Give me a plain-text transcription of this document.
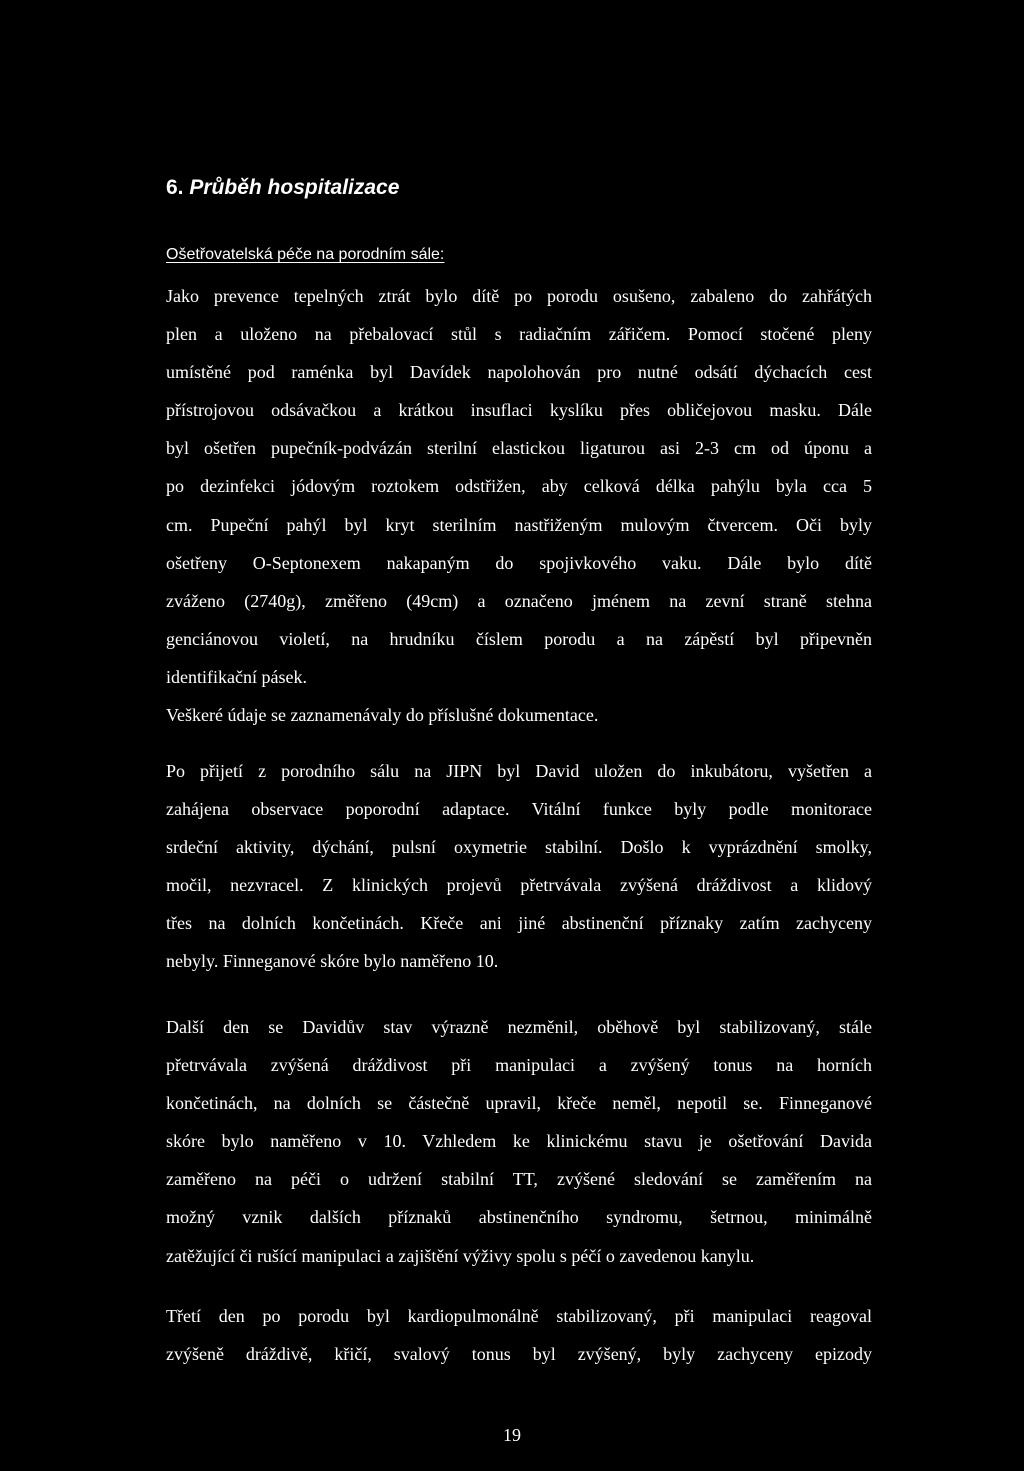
6. Průběh hospitalizace

Ošetřovatelská péče na porodním sále:

Jako prevence tepelných ztrát bylo dítě po porodu osušeno, zabaleno do zahřátých
plen a uloženo na přebalovací stůl s radiačním zářičem. Pomocí stočené pleny
umístěné pod raménka byl Davídek napolohován pro nutné odsátí dýchacích cest
přístrojovou odsávačkou a krátkou insuflaci kyslíku přes obličejovou masku. Dále
byl ošetřen pupečník-podvázán sterilní elastickou ligaturou asi 2-3 cm od úponu a
po dezinfekci jódovým roztokem odstřižen, aby celková délka pahýlu byla cca 5
cm. Pupeční pahýl byl kryt sterilním nastřiženým mulovým čtvercem. Oči byly
ošetřeny O-Septonexem nakapaným do spojivkového vaku. Dále bylo dítě
zváženo (2740g), změřeno (49cm) a označeno jménem na zevní straně stehna
genciánovou violetí, na hrudníku číslem porodu a na zápěstí byl připevněn
identifikační pásek.
Veškeré údaje se zaznamenávaly do příslušné dokumentace.

Po přijetí z porodního sálu na JIPN byl David uložen do inkubátoru, vyšetřen a
zahájena observace poporodní adaptace. Vitální funkce byly podle monitorace
srdeční aktivity, dýchání, pulsní oxymetrie stabilní. Došlo k vyprázdnění smolky,
močil, nezvracel. Z klinických projevů přetrvávala zvýšená dráždivost a klidový
třes na dolních končetinách. Křeče ani jiné abstinenční příznaky zatím zachyceny
nebyly. Finneganové skóre bylo naměřeno 10.

Další den se Davidův stav výrazně nezměnil, oběhově byl stabilizovaný, stále
přetrvávala zvýšená dráždivost při manipulaci a zvýšený tonus na horních
končetinách, na dolních se částečně upravil, křeče neměl, nepotil se. Finneganové
skóre bylo naměřeno v 10. Vzhledem ke klinickému stavu je ošetřování Davida
zaměřeno na péči o udržení stabilní TT, zvýšené sledování se zaměřením na
možný vznik dalších příznaků abstinenčního syndromu, šetrnou, minimálně
zatěžující či rušící manipulaci a zajištění výživy spolu s péčí o zavedenou kanylu.

Třetí den po porodu byl kardiopulmonálně stabilizovaný, při manipulaci reagoval
zvýšeně dráždivě, křičí, svalový tonus byl zvýšený, byly zachyceny epizody

19
